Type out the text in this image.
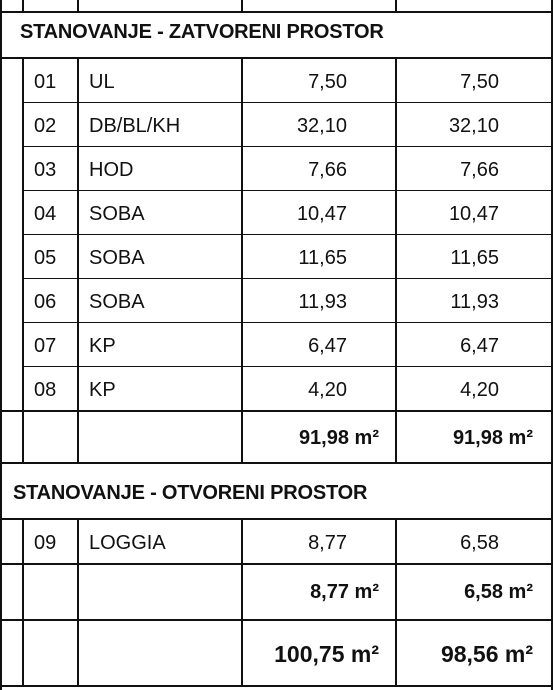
STANOVANJE - ZATVORENI PROSTOR
01 UL	7,50	7,50
02 DB/BL/KH	32,10	32,10
03 HOD	7,66	7,66
04 SOBA	10,47	10,47
05 SOBA	11,65	11,65
06 SOBA	11,93	11,93
07 KP	6,47	6,47
08 KP	4,20	4,20
91,98 m²	91,98 m²
STANOVANJE - OTVORENI PROSTOR
09 LOGGIA	8,77	6,58
8,77 m²	6,58 m²
100,75 m²	98,56 m²
